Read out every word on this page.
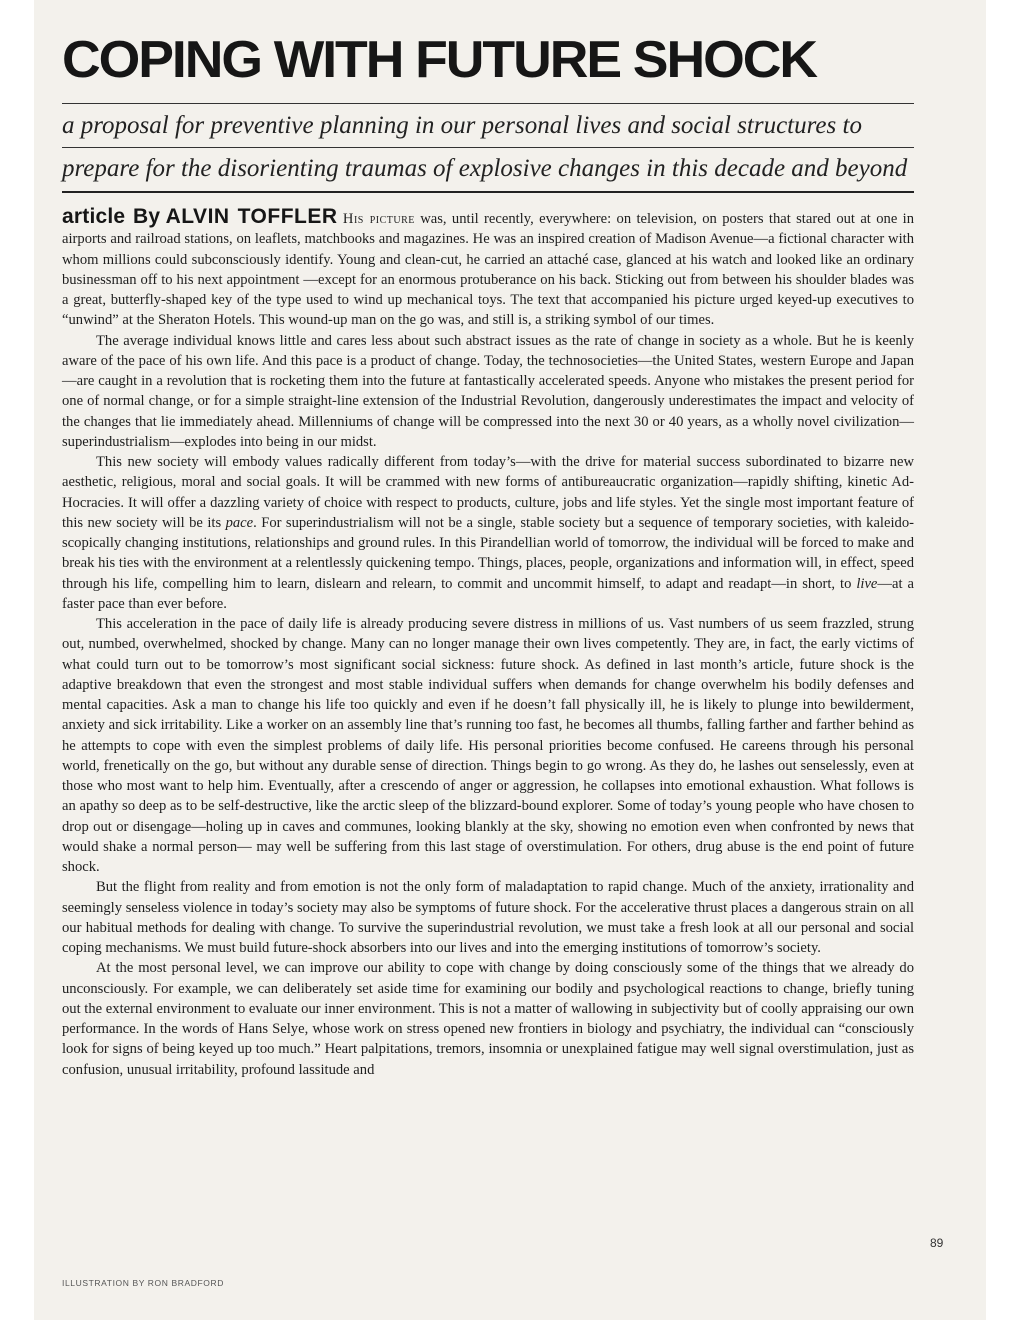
COPING WITH FUTURE SHOCK

a proposal for preventive planning in our personal lives and social structures to

prepare for the disorienting traumas of explosive changes in this decade and beyond

article By ALVIN TOFFLER His picture was, until recently, everywhere: on television, on posters that stared out at one in airports and railroad stations, on leaflets, matchbooks and magazines. He was an inspired creation of Madison Avenue—a fictional character with whom millions could subconsciously identify. Young and clean-cut, he carried an attaché case, glanced at his watch and looked like an ordinary businessman off to his next appointment —except for an enormous protuberance on his back. Sticking out from between his shoulder blades was a great, butterfly-shaped key of the type used to wind up mechanical toys. The text that accompanied his picture urged keyed-up executives to “unwind” at the Sheraton Hotels. This wound-up man on the go was, and still is, a striking symbol of our times.

The average individual knows little and cares less about such abstract issues as the rate of change in society as a whole. But he is keenly aware of the pace of his own life. And this pace is a product of change. Today, the technosocieties—the United States, western Europe and Japan—are caught in a revolution that is rocketing them into the future at fantastically accelerated speeds. Anyone who mistakes the present period for one of normal change, or for a simple straight-line extension of the Industrial Revolution, dangerously underestimates the impact and velocity of the changes that lie immediately ahead. Millenniums of change will be compressed into the next 30 or 40 years, as a wholly novel civilization—superindustrialism—explodes into being in our midst.

This new society will embody values radically different from today’s—with the drive for material success subordinated to bizarre new aesthetic, religious, moral and social goals. It will be crammed with new forms of antibureaucratic organization—rapidly shifting, kinetic Ad-Hocracies. It will offer a dazzling variety of choice with respect to products, culture, jobs and life styles. Yet the single most important feature of this new society will be its pace. For superindustrialism will not be a single, stable society but a sequence of temporary societies, with kaleidoscopically changing institutions, relationships and ground rules. In this Pirandellian world of tomorrow, the individual will be forced to make and break his ties with the environment at a relentlessly quickening tempo. Things, places, people, organizations and information will, in effect, speed through his life, compelling him to learn, dislearn and relearn, to commit and uncommit himself, to adapt and readapt—in short, to live—at a faster pace than ever before.

This acceleration in the pace of daily life is already producing severe distress in millions of us. Vast numbers of us seem frazzled, strung out, numbed, overwhelmed, shocked by change. Many can no longer manage their own lives competently. They are, in fact, the early victims of what could turn out to be tomorrow’s most significant social sickness: future shock. As defined in last month’s article, future shock is the adaptive breakdown that even the strongest and most stable individual suffers when demands for change overwhelm his bodily defenses and mental capacities. Ask a man to change his life too quickly and even if he doesn’t fall physically ill, he is likely to plunge into bewilderment, anxiety and sick irritability. Like a worker on an assembly line that’s running too fast, he becomes all thumbs, falling farther and farther behind as he attempts to cope with even the simplest problems of daily life. His personal priorities become confused. He careens through his personal world, frenetically on the go, but without any durable sense of direction. Things begin to go wrong. As they do, he lashes out senselessly, even at those who most want to help him. Eventually, after a crescendo of anger or aggression, he collapses into emotional exhaustion. What follows is an apathy so deep as to be self-destructive, like the arctic sleep of the blizzard-bound explorer. Some of today’s young people who have chosen to drop out or disengage—holing up in caves and communes, looking blankly at the sky, showing no emotion even when confronted by news that would shake a normal person— may well be suffering from this last stage of overstimulation. For others, drug abuse is the end point of future shock.

But the flight from reality and from emotion is not the only form of maladaptation to rapid change. Much of the anxiety, irrationality and seemingly senseless violence in today’s society may also be symptoms of future shock. For the accelerative thrust places a dangerous strain on all our habitual methods for dealing with change. To survive the superindustrial revolution, we must take a fresh look at all our personal and social coping mechanisms. We must build future-shock absorbers into our lives and into the emerging institutions of tomorrow’s society.

At the most personal level, we can improve our ability to cope with change by doing consciously some of the things that we already do unconsciously. For example, we can deliberately set aside time for examining our bodily and psychological reactions to change, briefly tuning out the external environment to evaluate our inner environment. This is not a matter of wallowing in subjectivity but of coolly appraising our own performance. In the words of Hans Selye, whose work on stress opened new frontiers in biology and psychiatry, the individual can “consciously look for signs of being keyed up too much.” Heart palpitations, tremors, insomnia or unexplained fatigue may well signal overstimulation, just as confusion, unusual irritability, profound lassitude and

89
ILLUSTRATION BY RON BRADFORD
